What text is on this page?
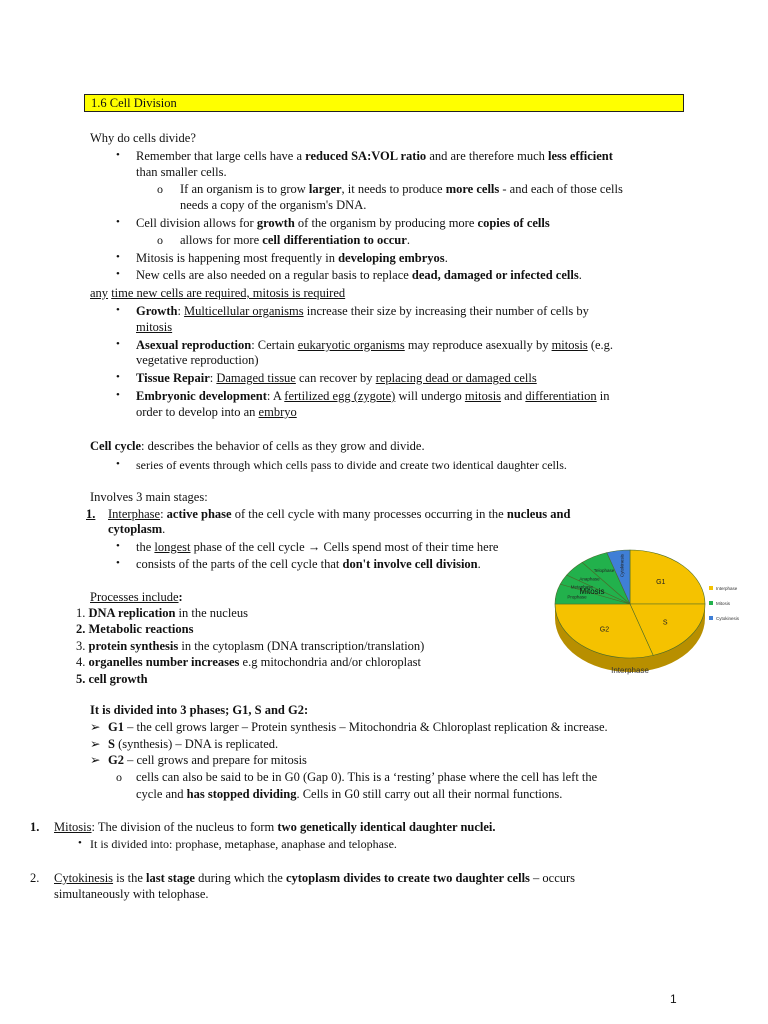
1.6 Cell Division
Why do cells divide?
• Remember that large cells have a reduced SA:VOL ratio and are therefore much less efficient
than smaller cells.
o If an organism is to grow larger, it needs to produce more cells - and each of those cells
needs a copy of the organism's DNA.
• Cell division allows for growth of the organism by producing more copies of cells
o allows for more cell differentiation to occur.
• Mitosis is happening most frequently in developing embryos.
• New cells are also needed on a regular basis to replace dead, damaged or infected cells.
any time new cells are required, mitosis is required
• Growth: Multicellular organisms increase their size by increasing their number of cells by
mitosis
• Asexual reproduction: Certain eukaryotic organisms may reproduce asexually by mitosis (e.g.
vegetative reproduction)
• Tissue Repair: Damaged tissue can recover by replacing dead or damaged cells
• Embryonic development: A fertilized egg (zygote) will undergo mitosis and differentiation in
order to develop into an embryo
Cell cycle: describes the behavior of cells as they grow and divide.
• series of events through which cells pass to divide and create two identical daughter cells.
Involves 3 main stages:
1. Interphase: active phase of the cell cycle with many processes occurring in the nucleus and
cytoplasm.
• the longest phase of the cell cycle → Cells spend most of their time here
• consists of the parts of the cell cycle that don't involve cell division.
Processes include:
1. DNA replication in the nucleus
2. Metabolic reactions
3. protein synthesis in the cytoplasm (DNA transcription/translation)
4. organelles number increases e.g mitochondria and/or chloroplast
5. cell growth
G1
S
G2
Prophase
Metaphase
Anaphase
Telophase Cytokinesis
Mitosis
Interphase
Interphase
Mitosis
Cytokinesis
It is divided into 3 phases; G1, S and G2:
➢ G1 – the cell grows larger – Protein synthesis – Mitochondria & Chloroplast replication & increase.
➢ S (synthesis) – DNA is replicated.
➢ G2 – cell grows and prepare for mitosis
o cells can also be said to be in G0 (Gap 0). This is a ‘resting’ phase where the cell has left the
cycle and has stopped dividing. Cells in G0 still carry out all their normal functions.
1. Mitosis: The division of the nucleus to form two genetically identical daughter nuclei.
• It is divided into: prophase, metaphase, anaphase and telophase.
2. Cytokinesis is the last stage during which the cytoplasm divides to create two daughter cells – occurs
simultaneously with telophase.
1
